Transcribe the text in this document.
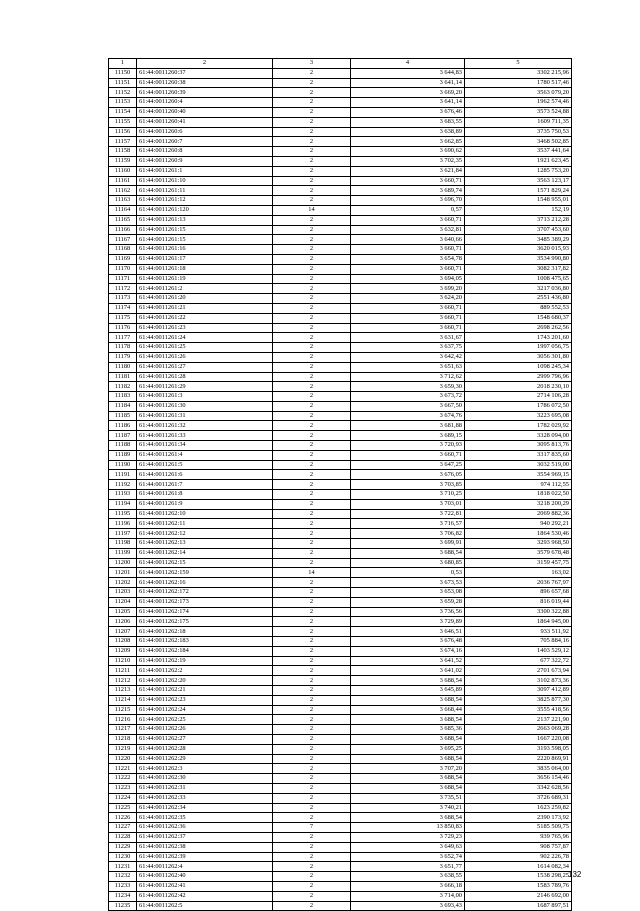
1	2	3	4	5
11150	61:44:0011260:37	2	3 644,83	3302 215,96
11151	61:44:0011260:38	2	3 641,14	1780 517,46
11152	61:44:0011260:39	2	3 669,20	3563 079,20
11153	61:44:0011260:4	2	3 641,14	1962 574,46
11154	61:44:0011260:40	2	3 676,46	3573 524,88
11155	61:44:0011260:41	2	3 683,55	1609 711,35
11156	61:44:0011260:6	2	3 638,89	3735 750,53
11157	61:44:0011260:7	2	3 662,85	3468 502,85
11158	61:44:0011260:8	2	3 690,62	3537 441,64
11159	61:44:0011260:9	2	3 702,35	1921 623,45
11160	61:44:0011261:1	2	3 621,84	1285 753,20
11161	61:44:0011261:10	2	3 660,71	3563 123,17
11162	61:44:0011261:11	2	3 689,74	1571 829,24
11163	61:44:0011261:12	2	3 696,70	1548 955,01
11164	61:44:0011261:120	14	0,57	152,19
11165	61:44:0011261:13	2	3 660,71	3713 212,28
11166	61:44:0011261:15	2	3 632,81	3707 453,60
11167	61:44:0011261:15	2	3 640,66	3485 389,29
11168	61:44:0011261:16	2	3 660,71	3620 015,93
11169	61:44:0011261:17	2	3 654,78	3534 990,80
11170	61:44:0011261:18	2	3 660,71	3082 317,82
11171	61:44:0011261:19	2	3 694,05	1008 475,65
11172	61:44:0011261:2	2	3 699,20	3217 036,80
11173	61:44:0011261:20	2	3 624,20	2551 436,80
11174	61:44:0011261:21	2	3 660,71	889 552,53
11175	61:44:0011261:22	2	3 660,71	1548 680,37
11176	61:44:0011261:23	2	3 660,71	2698 262,56
11177	61:44:0011261:24	2	3 631,67	1743 201,60
11178	61:44:0011261:25	2	3 637,75	1997 056,75
11179	61:44:0011261:26	2	3 642,42	3056 301,80
11180	61:44:0011261:27	2	3 651,63	1098 245,34
11181	61:44:0011261:28	2	3 712,62	2999 796,96
11182	61:44:0011261:29	2	3 659,30	2018 230,10
11183	61:44:0011261:3	2	3 673,72	2714 106,28
11184	61:44:0011261:30	2	3 667,50	1786 072,50
11185	61:44:0011261:31	2	3 674,76	3223 695,08
11186	61:44:0011261:32	2	3 681,88	1782 029,92
11187	61:44:0011261:33	2	3 689,15	3328 094,00
11188	61:44:0011261:34	2	3 720,93	3095 813,76
11189	61:44:0011261:4	2	3 660,71	3317 835,60
11190	61:44:0011261:5	2	3 647,25	3032 519,00
11191	61:44:0011261:6	2	3 676,05	3554 969,15
11192	61:44:0011261:7	2	3 703,85	974 112,55
11193	61:44:0011261:8	2	3 710,25	1818 022,50
11194	61:44:0011261:9	2	3 703,01	3218 200,29
11195	61:44:0011262:10	2	3 722,81	2069 882,36
11196	61:44:0011262:11	2	3 716,57	940 292,21
11197	61:44:0011262:12	2	3 706,82	1864 530,46
11198	61:44:0011262:13	2	3 699,91	3293 968,50
11199	61:44:0011262:14	2	3 688,54	3579 678,48
11200	61:44:0011262:15	2	3 680,85	3159 457,75
11201	61:44:0011262:159	14	0,53	163,02
11202	61:44:0011262:16	2	3 673,53	2036 767,97
11203	61:44:0011262:172	2	3 653,08	896 657,68
11204	61:44:0011262:173	2	3 659,28	816 019,44
11205	61:44:0011262:174	2	3 736,56	3300 322,88
11206	61:44:0011262:175	2	3 729,89	1864 945,00
11207	61:44:0011262:18	2	3 646,51	933 511,92
11208	61:44:0011262:183	2	3 676,48	705 884,16
11209	61:44:0011262:184	2	3 674,16	1403 529,12
11210	61:44:0011262:19	2	3 641,52	677 322,72
11211	61:44:0011262:2	2	3 641,02	2701 673,94
11212	61:44:0011262:20	2	3 688,54	3102 873,36
11213	61:44:0011262:21	2	3 645,89	3097 412,89
11214	61:44:0011262:23	2	3 688,54	3825 877,30
11215	61:44:0011262:24	2	3 668,44	3555 418,56
11216	61:44:0011262:25	2	3 688,54	2137 221,90
11217	61:44:0011262:26	2	3 685,36	2663 069,28
11218	61:44:0011262:27	2	3 688,54	1667 220,08
11219	61:44:0011262:28	2	3 695,25	3193 598,05
11220	61:44:0011262:29	2	3 688,54	2220 869,91
11221	61:44:0011262:3	2	3 707,20	3835 064,00
11222	61:44:0011262:30	2	3 688,54	3656 154,46
11223	61:44:0011262:31	2	3 688,54	3342 628,56
11224	61:44:0011262:33	2	3 735,51	3726 689,31
11225	61:44:0011262:34	2	3 740,21	1623 259,82
11226	61:44:0011262:35	2	3 688,54	2390 173,92
11227	61:44:0011262:36	7	13 850,83	5185 509,75
11228	61:44:0011262:37	2	3 729,23	939 765,96
11229	61:44:0011262:38	2	3 649,63	908 757,87
11230	61:44:0011262:39	2	3 652,74	902 226,78
11231	61:44:0011262:4	2	3 651,77	1614 082,34
11232	61:44:0011262:40	2	3 638,55	1538 298,25
11233	61:44:0011262:41	2	3 666,18	1583 789,76
11234	61:44:0011262:42	2	3 714,00	2146 692,00
11235	61:44:0011262:5	2	3 693,43	1687 897,51
132
